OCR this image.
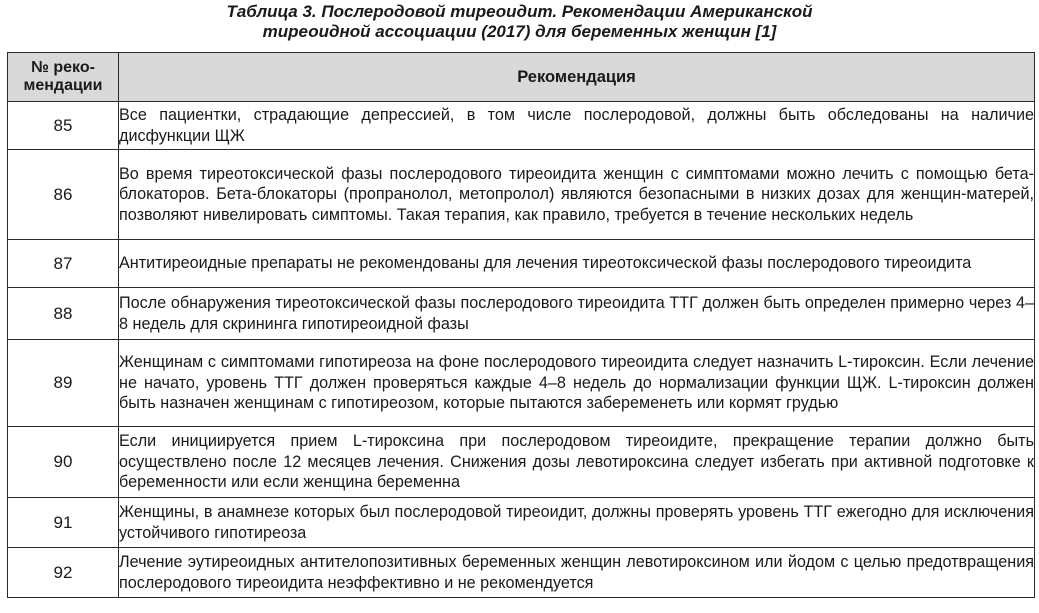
Таблица 3. Послеродовой тиреоидит. Рекомендации Американской
тиреоидной ассоциации (2017) для беременных женщин [1]
№ реко-
мендации	Рекомендация
85	Все пациентки, страдающие депрессией, в том числе послеродовой, должны быть обследованы на наличие дисфункции ЩЖ
86	Во время тиреотоксической фазы послеродового тиреоидита женщин с симптомами можно лечить с помощью бета-блокаторов. Бета-блокаторы (пропранолол, метопролол) являются безопасными в низких дозах для женщин-матерей, позволяют нивелировать симптомы. Такая терапия, как правило, требуется в течение нескольких недель
87	Антитиреоидные препараты не рекомендованы для лечения тиреотоксической фазы послеродового тиреоидита
88	После обнаружения тиреотоксической фазы послеродового тиреоидита ТТГ должен быть определен примерно через 4–8 недель для скрининга гипотиреоидной фазы
89	Женщинам с симптомами гипотиреоза на фоне послеродового тиреоидита следует назначить L-тироксин. Если лечение не начато, уровень ТТГ должен проверяться каждые 4–8 недель до нормализации функции ЩЖ. L-тироксин должен быть назначен женщинам с гипотиреозом, которые пытаются забеременеть или кормят грудью
90	Если инициируется прием L-тироксина при послеродовом тиреоидите, прекращение терапии должно быть осуществлено после 12 месяцев лечения. Снижения дозы левотироксина следует избегать при активной подготовке к беременности или если женщина беременна
91	Женщины, в анамнезе которых был послеродовой тиреоидит, должны проверять уровень ТТГ ежегодно для исключения устойчивого гипотиреоза
92	Лечение эутиреоидных антителопозитивных беременных женщин левотироксином или йодом с целью предотвращения послеродового тиреоидита неэффективно и не рекомендуется
